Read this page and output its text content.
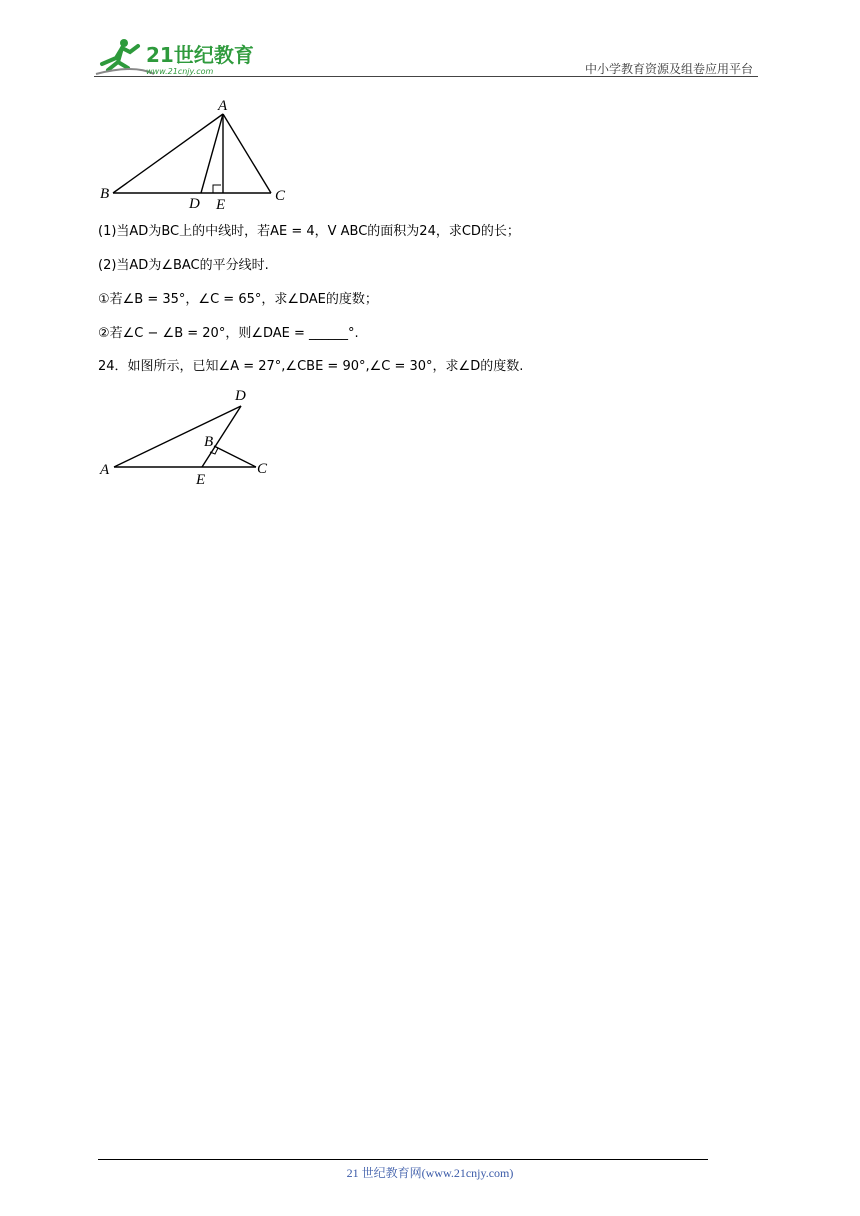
21世纪教育
www.21cnjy.com	中小学教育资源及组卷应用平台
A
B	C
D E
(1)当AD为BC上的中线时，若AE = 4，V ABC的面积为24，求CD的长；
(2)当AD为∠BAC的平分线时.
①若∠B = 35°，∠C = 65°，求∠DAE的度数；
②若∠C − ∠B = 20°，则∠DAE = ______°.
24．如图所示，已知∠A = 27°,∠CBE = 90°,∠C = 30°，求∠D的度数.
D
B
A	C
E
21 世纪教育网(www.21cnjy.com)
